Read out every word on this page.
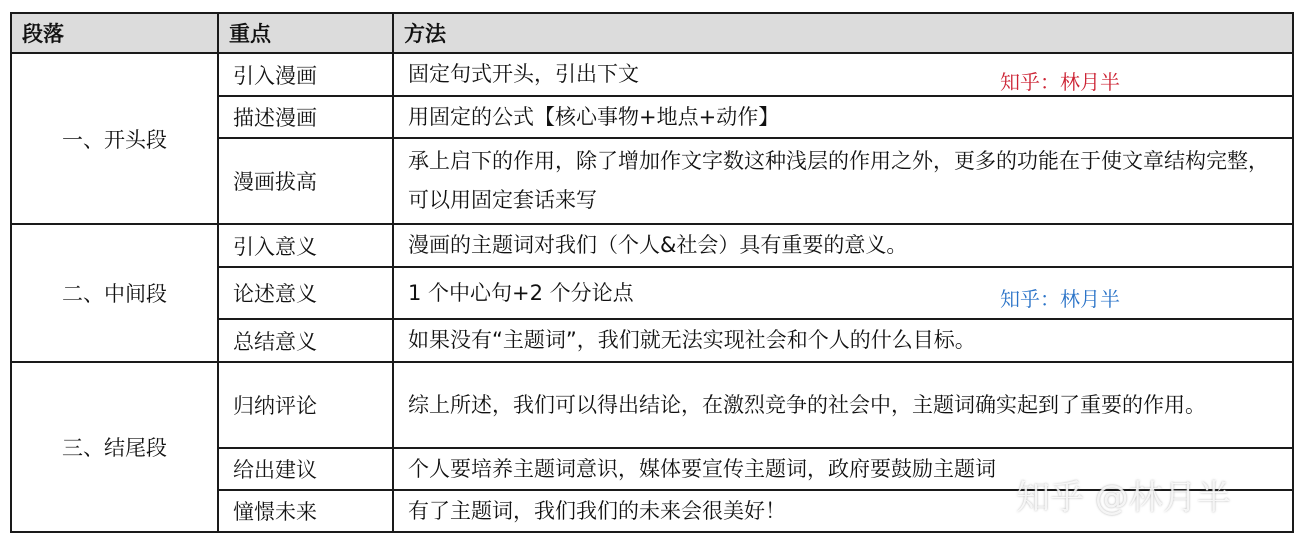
段落	重点	方法
一、开头段	引入漫画	固定句式开头，引出下文
	描述漫画	用固定的公式【核心事物+地点+动作】
	漫画拔高	承上启下的作用，除了增加作文字数这种浅层的作用之外，更多的功能在于使文章结构完整，可以用固定套话来写
二、中间段	引入意义	漫画的主题词对我们（个人&社会）具有重要的意义。
	论述意义	1 个中心句+2 个分论点
	总结意义	如果没有“主题词”，我们就无法实现社会和个人的什么目标。
三、结尾段	归纳评论	综上所述，我们可以得出结论，在激烈竞争的社会中，主题词确实起到了重要的作用。
	给出建议	个人要培养主题词意识，媒体要宣传主题词，政府要鼓励主题词
	憧憬未来	有了主题词，我们我们的未来会很美好！
知乎：林月半
知乎：林月半
知乎 @林月半
